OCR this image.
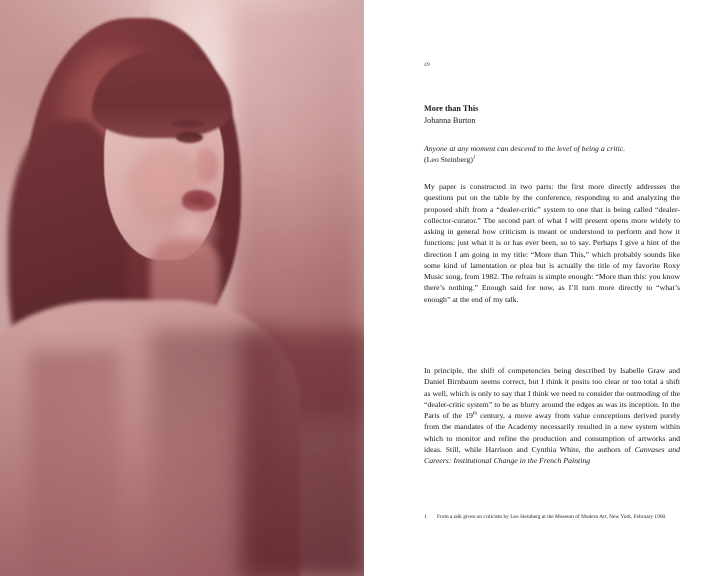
49
More than This
Johanna Burton
Anyone at any moment can descend to the level of being a critic.
(Leo Steinberg)$^1$
My paper is constructed in two parts: the first more directly addresses the questions put on the table by the conference, responding to and analyzing the proposed shift from a “dealer-critic” system to one that is being called “dealer-collector-curator.” The second part of what I will present opens more widely to asking in general how criticism is meant or understood to perform and how it functions: just what it is or has ever been, so to say. Perhaps I give a hint of the direction I am going in my title: “More than This,” which probably sounds like some kind of lamentation or plea but is actually the title of my favorite Roxy Music song, from 1982. The refrain is simple enough: “More than this: you know there’s nothing.” Enough said for now, as I’ll turn more directly to “what’s enough” at the end of my talk.
In principle, the shift of competencies being described by Isabelle Graw and Daniel Birnbaum seems correct, but I think it posits too clear or too total a shift as well, which is only to say that I think we need to consider the outmoding of the “dealer-critic system” to be as blurry around the edges as was its inception. In the Paris of the 19th century, a move away from value conceptions derived purely from the mandates of the Academy necessarily resulted in a new system within which to monitor and refine the production and consumption of artworks and ideas. Still, while Harrison and Cynthia White, the authors of Canvases and Careers: Institutional Change in the French Painting
1 From a talk given on criticism by Leo Steinberg at the Museum of Modern Art, New York, February 1960.
